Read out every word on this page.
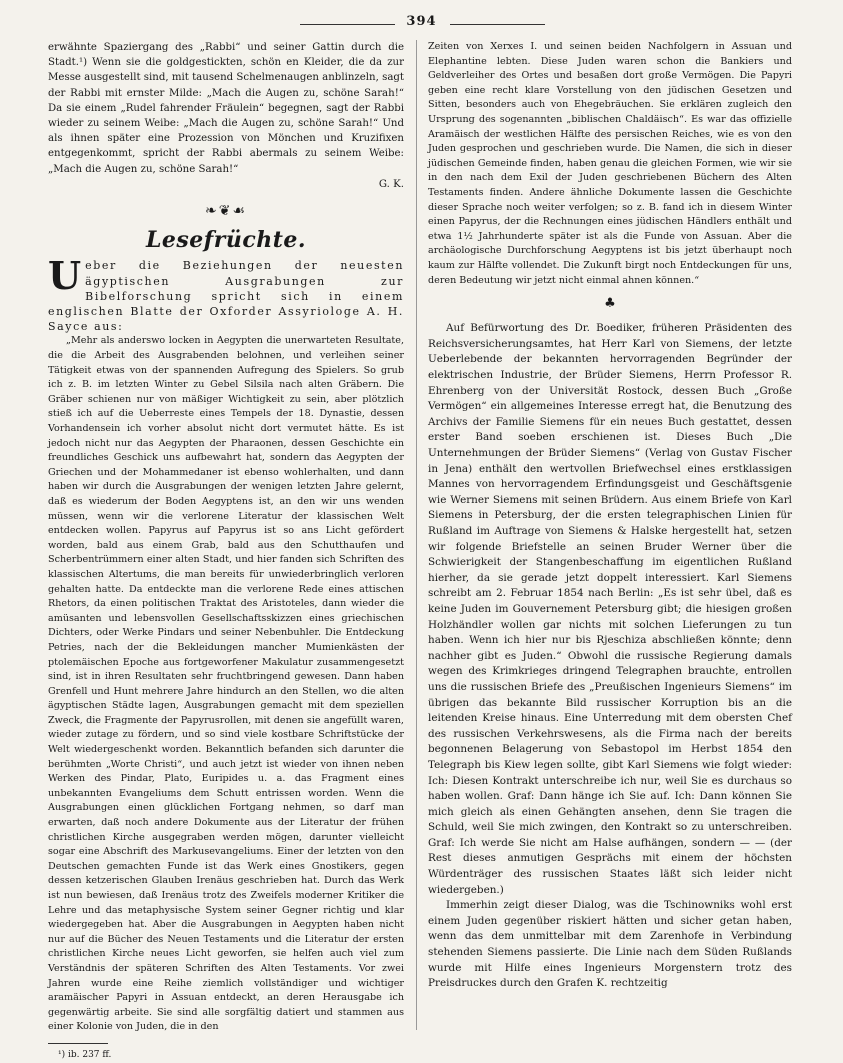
394

erwähnte Spaziergang des „Rabbi“ und seiner Gattin durch die Stadt.¹) Wenn sie die goldgestickten, schön en Kleider, die da zur Messe ausgestellt sind, mit tausend Schelmenaugen anblinzeln, sagt der Rabbi mit ernster Milde: „Mach die Augen zu, schöne Sarah!“ Da sie einem „Rudel fahrender Fräulein“ begegnen, sagt der Rabbi wieder zu seinem Weibe: „Mach die Augen zu, schöne Sarah!“ Und als ihnen später eine Prozession von Mönchen und Kruzifixen entgegenkommt, spricht der Rabbi abermals zu seinem Weibe: „Mach die Augen zu, schöne Sarah!“

G. K.

❧❦☙
Lesefrüchte.

Ueber die Beziehungen der neuesten ägyptischen Ausgrabungen zur Bibelforschung spricht sich in einem englischen Blatte der Oxforder Assyriologe A. H. Sayce aus:

„Mehr als anderswo locken in Aegypten die unerwarteten Resultate, die die Arbeit des Ausgrabenden belohnen, und verleihen seiner Tätigkeit etwas von der spannenden Aufregung des Spielers. So grub ich z. B. im letzten Winter zu Gebel Silsila nach alten Gräbern. Die Gräber schienen nur von mäßiger Wichtigkeit zu sein, aber plötzlich stieß ich auf die Ueberreste eines Tempels der 18. Dynastie, dessen Vorhandensein ich vorher absolut nicht dort vermutet hätte. Es ist jedoch nicht nur das Aegypten der Pharaonen, dessen Geschichte ein freundliches Geschick uns aufbewahrt hat, sondern das Aegypten der Griechen und der Mohammedaner ist ebenso wohlerhalten, und dann haben wir durch die Ausgrabungen der wenigen letzten Jahre gelernt, daß es wiederum der Boden Aegyptens ist, an den wir uns wenden müssen, wenn wir die verlorene Literatur der klassischen Welt entdecken wollen. Papyrus auf Papyrus ist so ans Licht gefördert worden, bald aus einem Grab, bald aus den Schutthaufen und Scherbentrümmern einer alten Stadt, und hier fanden sich Schriften des klassischen Altertums, die man bereits für unwiederbringlich verloren gehalten hatte. Da entdeckte man die verlorene Rede eines attischen Rhetors, da einen politischen Traktat des Aristoteles, dann wieder die amüsanten und lebensvollen Gesellschaftsskizzen eines griechischen Dichters, oder Werke Pindars und seiner Nebenbuhler. Die Entdeckung Petries, nach der die Bekleidungen mancher Mumienkästen der ptolemäischen Epoche aus fortgeworfener Makulatur zusammengesetzt sind, ist in ihren Resultaten sehr fruchtbringend gewesen. Dann haben Grenfell und Hunt mehrere Jahre hindurch an den Stellen, wo die alten ägyptischen Städte lagen, Ausgrabungen gemacht mit dem speziellen Zweck, die Fragmente der Papyrusrollen, mit denen sie angefüllt waren, wieder zutage zu fördern, und so sind viele kostbare Schriftstücke der Welt wiedergeschenkt worden. Bekanntlich befanden sich darunter die berühmten „Worte Christi“, und auch jetzt ist wieder von ihnen neben Werken des Pindar, Plato, Euripides u. a. das Fragment eines unbekannten Evangeliums dem Schutt entrissen worden. Wenn die Ausgrabungen einen glücklichen Fortgang nehmen, so darf man erwarten, daß noch andere Dokumente aus der Literatur der frühen christlichen Kirche ausgegraben werden mögen, darunter vielleicht sogar eine Abschrift des Markusevangeliums. Einer der letzten von den Deutschen gemachten Funde ist das Werk eines Gnostikers, gegen dessen ketzerischen Glauben Irenäus geschrieben hat. Durch das Werk ist nun bewiesen, daß Irenäus trotz des Zweifels moderner Kritiker die Lehre und das metaphysische System seiner Gegner richtig und klar wiedergegeben hat. Aber die Ausgrabungen in Aegypten haben nicht nur auf die Bücher des Neuen Testaments und die Literatur der ersten christlichen Kirche neues Licht geworfen, sie helfen auch viel zum Verständnis der späteren Schriften des Alten Testaments. Vor zwei Jahren wurde eine Reihe ziemlich vollständiger und wichtiger aramäischer Papyri in Assuan entdeckt, an deren Herausgabe ich gegenwärtig arbeite. Sie sind alle sorgfältig datiert und stammen aus einer Kolonie von Juden, die in den

¹) ib. 237 ff.

Zeiten von Xerxes I. und seinen beiden Nachfolgern in Assuan und Elephantine lebten. Diese Juden waren schon die Bankiers und Geldverleiher des Ortes und besaßen dort große Vermögen. Die Papyri geben eine recht klare Vorstellung von den jüdischen Gesetzen und Sitten, besonders auch von Ehegebräuchen. Sie erklären zugleich den Ursprung des sogenannten „biblischen Chaldäisch“. Es war das offizielle Aramäisch der westlichen Hälfte des persischen Reiches, wie es von den Juden gesprochen und geschrieben wurde. Die Namen, die sich in dieser jüdischen Gemeinde finden, haben genau die gleichen Formen, wie wir sie in den nach dem Exil der Juden geschriebenen Büchern des Alten Testaments finden. Andere ähnliche Dokumente lassen die Geschichte dieser Sprache noch weiter verfolgen; so z. B. fand ich in diesem Winter einen Papyrus, der die Rechnungen eines jüdischen Händlers enthält und etwa 1½ Jahrhunderte später ist als die Funde von Assuan. Aber die archäologische Durchforschung Aegyptens ist bis jetzt überhaupt noch kaum zur Hälfte vollendet. Die Zukunft birgt noch Entdeckungen für uns, deren Bedeutung wir jetzt nicht einmal ahnen können.“

♣

Auf Befürwortung des Dr. Boediker, früheren Präsidenten des Reichsversicherungsamtes, hat Herr Karl von Siemens, der letzte Ueberlebende der bekannten hervorragenden Begründer der elektrischen Industrie, der Brüder Siemens, Herrn Professor R. Ehrenberg von der Universität Rostock, dessen Buch „Große Vermögen“ ein allgemeines Interesse erregt hat, die Benutzung des Archivs der Familie Siemens für ein neues Buch gestattet, dessen erster Band soeben erschienen ist. Dieses Buch „Die Unternehmungen der Brüder Siemens“ (Verlag von Gustav Fischer in Jena) enthält den wertvollen Briefwechsel eines erstklassigen Mannes von hervorragendem Erfindungsgeist und Geschäftsgenie wie Werner Siemens mit seinen Brüdern. Aus einem Briefe von Karl Siemens in Petersburg, der die ersten telegraphischen Linien für Rußland im Auftrage von Siemens & Halske hergestellt hat, setzen wir folgende Briefstelle an seinen Bruder Werner über die Schwierigkeit der Stangenbeschaffung im eigentlichen Rußland hierher, da sie gerade jetzt doppelt interessiert. Karl Siemens schreibt am 2. Februar 1854 nach Berlin: „Es ist sehr übel, daß es keine Juden im Gouvernement Petersburg gibt; die hiesigen großen Holzhändler wollen gar nichts mit solchen Lieferungen zu tun haben. Wenn ich hier nur bis Rjeschiza abschließen könnte; denn nachher gibt es Juden.“ Obwohl die russische Regierung damals wegen des Krimkrieges dringend Telegraphen brauchte, entrollen uns die russischen Briefe des „Preußischen Ingenieurs Siemens“ im übrigen das bekannte Bild russischer Korruption bis an die leitenden Kreise hinaus. Eine Unterredung mit dem obersten Chef des russischen Verkehrswesens, als die Firma nach der bereits begonnenen Belagerung von Sebastopol im Herbst 1854 den Telegraph bis Kiew legen sollte, gibt Karl Siemens wie folgt wieder: Ich: Diesen Kontrakt unterschreibe ich nur, weil Sie es durchaus so haben wollen. Graf: Dann hänge ich Sie auf. Ich: Dann können Sie mich gleich als einen Gehängten ansehen, denn Sie tragen die Schuld, weil Sie mich zwingen, den Kontrakt so zu unterschreiben. Graf: Ich werde Sie nicht am Halse aufhängen, sondern — — (der Rest dieses anmutigen Gesprächs mit einem der höchsten Würdenträger des russischen Staates läßt sich leider nicht wiedergeben.)

Immerhin zeigt dieser Dialog, was die Tschinowniks wohl erst einem Juden gegenüber riskiert hätten und sicher getan haben, wenn das dem unmittelbar mit dem Zarenhofe in Verbindung stehenden Siemens passierte. Die Linie nach dem Süden Rußlands wurde mit Hilfe eines Ingenieurs Morgenstern trotz des Preisdruckes durch den Grafen K. rechtzeitig
